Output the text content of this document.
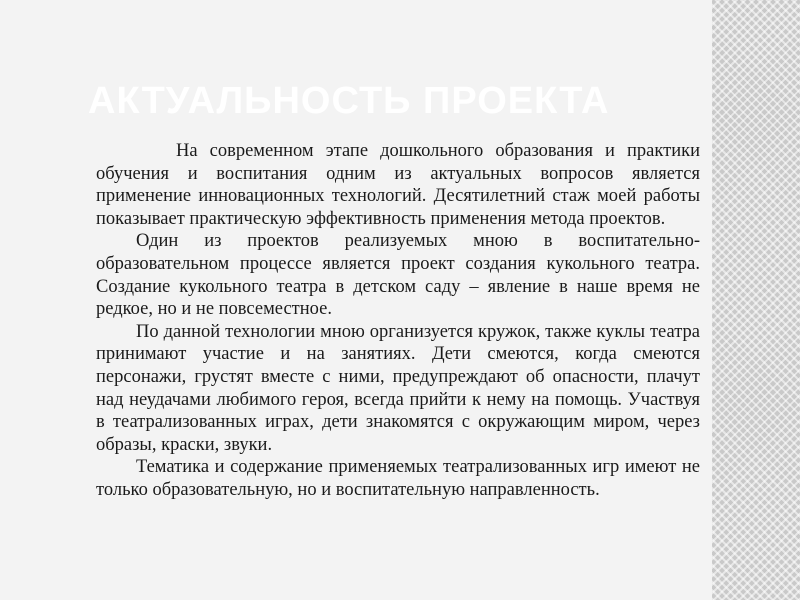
АКТУАЛЬНОСТЬ ПРОЕКТА

На современном этапе дошкольного образования и практики обучения и воспитания одним из актуальных вопросов является применение инновационных технологий. Десятилетний стаж моей работы показывает практическую эффективность применения метода проектов.

Один из проектов реализуемых мною в воспитательно-образовательном процессе является проект создания кукольного театра. Создание кукольного театра в детском саду – явление в наше время не редкое, но и не повсеместное.

По данной технологии мною организуется кружок, также куклы театра принимают участие и на занятиях. Дети смеются, когда смеются персонажи, грустят вместе с ними, предупреждают об опасности, плачут над неудачами любимого героя, всегда прийти к нему на помощь. Участвуя в театрализованных играх, дети знакомятся с окружающим миром, через образы, краски, звуки.

Тематика и содержание применяемых театрализованных игр имеют не только образовательную, но и воспитательную направленность.
